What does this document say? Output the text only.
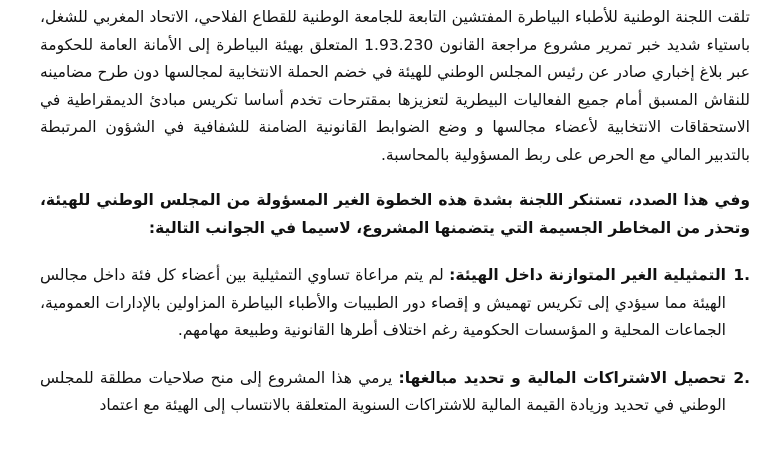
تلقت اللجنة الوطنية للأطباء البياطرة المفتشين التابعة للجامعة الوطنية للقطاع الفلاحي، الاتحاد المغربي للشغل، باستياء شديد خبر تمرير مشروع مراجعة القانون 1.93.230 المتعلق بهيئة البياطرة إلى الأمانة العامة للحكومة عبر بلاغ إخباري صادر عن رئيس المجلس الوطني للهيئة في خضم الحملة الانتخابية لمجالسها دون طرح مضامينه للنقاش المسبق أمام جميع الفعاليات البيطرية لتعزيزها بمقترحات تخدم أساسا تكريس مبادئ الديمقراطية في الاستحقاقات الانتخابية لأعضاء مجالسها و وضع الضوابط القانونية الضامنة للشفافية في الشؤون المرتبطة بالتدبير المالي مع الحرص على ربط المسؤولية بالمحاسبة.

وفي هذا الصدد، تستنكر اللجنة بشدة هذه الخطوة الغير المسؤولة من المجلس الوطني للهيئة، وتحذر من المخاطر الجسيمة التي يتضمنها المشروع، لاسيما في الجوانب التالية:

1.

التمثيلية الغير المتوازنة داخل الهيئة: لم يتم مراعاة تساوي التمثيلية بين أعضاء كل فئة داخل مجالس الهيئة مما سيؤدي إلى تكريس تهميش و إقصاء دور الطبيبات والأطباء البياطرة المزاولين بالإدارات العمومية، الجماعات المحلية و المؤسسات الحكومية رغم اختلاف أطرها القانونية وطبيعة مهامهم.

2.

تحصيل الاشتراكات المالية و تحديد مبالغها: يرمي هذا المشروع إلى منح صلاحيات مطلقة للمجلس الوطني في تحديد وزيادة القيمة المالية للاشتراكات السنوية المتعلقة بالانتساب إلى الهيئة مع اعتماد
